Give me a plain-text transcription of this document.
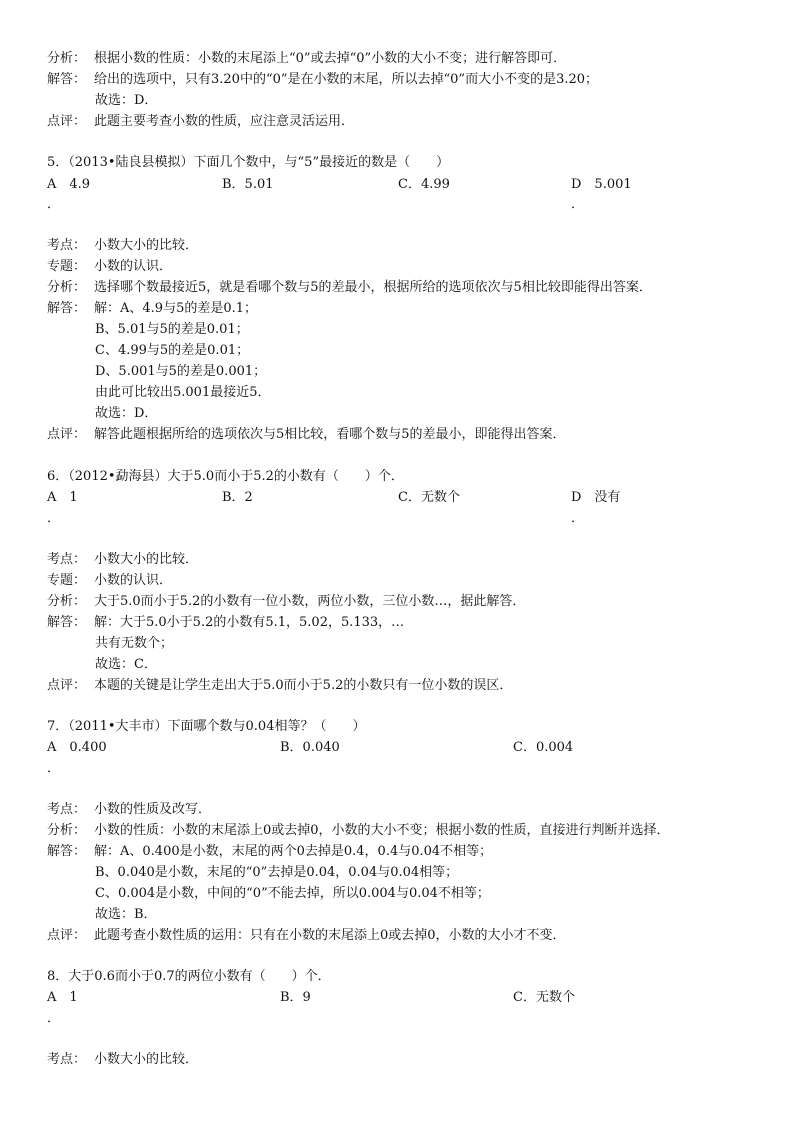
分析： 根据小数的性质：小数的末尾添上“0”或去掉“0”小数的大小不变；进行解答即可．
解答： 给出的选项中，只有3.20中的“0”是在小数的末尾，所以去掉“0”而大小不变的是3.20；
故选：D．
点评： 此题主要考查小数的性质，应注意灵活运用．
5．（2013•陆良县模拟）下面几个数中，与“5”最接近的数是（　　）
A　4.9	B．5.01	C．4.99	D　5.001
．	．
考点： 小数大小的比较．
专题： 小数的认识．
分析： 选择哪个数最接近5，就是看哪个数与5的差最小，根据所给的选项依次与5相比较即能得出答案．
解答： 解：A、4.9与5的差是0.1；
B、5.01与5的差是0.01；
C、4.99与5的差是0.01；
D、5.001与5的差是0.001；
由此可比较出5.001最接近5．
故选：D．
点评： 解答此题根据所给的选项依次与5相比较，看哪个数与5的差最小，即能得出答案．
6．（2012•勐海县）大于5.0而小于5.2的小数有（　　）个．
A　1	B．2	C．无数个	D　没有
．	．
考点： 小数大小的比较．
专题： 小数的认识．
分析： 大于5.0而小于5.2的小数有一位小数，两位小数，三位小数…，据此解答．
解答： 解：大于5.0小于5.2的小数有5.1，5.02，5.133，…
共有无数个；
故选：C．
点评： 本题的关键是让学生走出大于5.0而小于5.2的小数只有一位小数的误区．
7．（2011•大丰市）下面哪个数与0.04相等？（　　）
A　0.400	B．0.040	C．0.004
．
考点： 小数的性质及改写．
分析： 小数的性质：小数的末尾添上0或去掉0，小数的大小不变；根据小数的性质，直接进行判断并选择．
解答： 解：A、0.400是小数，末尾的两个0去掉是0.4，0.4与0.04不相等；
B、0.040是小数，末尾的“0”去掉是0.04，0.04与0.04相等；
C、0.004是小数，中间的“0”不能去掉，所以0.004与0.04不相等；
故选：B．
点评： 此题考查小数性质的运用：只有在小数的末尾添上0或去掉0，小数的大小才不变．
8．大于0.6而小于0.7的两位小数有（　　）个．
A　1	B．9	C．无数个
．
考点： 小数大小的比较．
